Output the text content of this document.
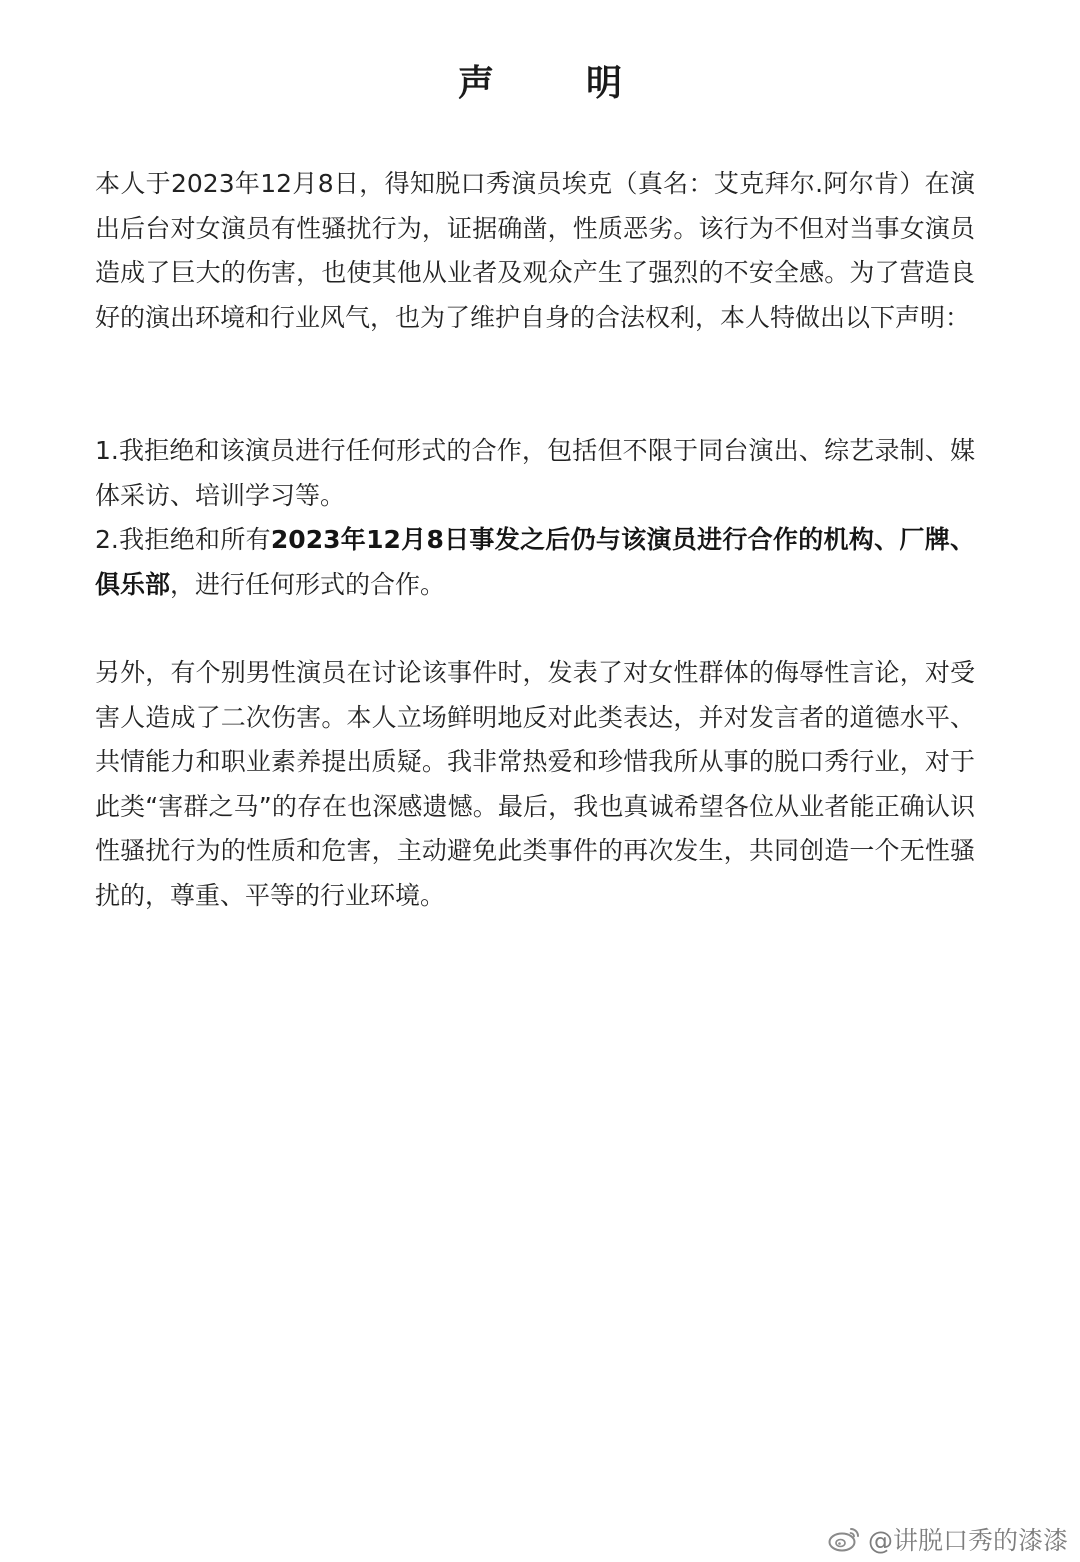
声　明

本人于2023年12月8日，得知脱口秀演员埃克（真名：艾克拜尔.阿尔肯）在演出后台对女演员有性骚扰行为，证据确凿，性质恶劣。该行为不但对当事女演员造成了巨大的伤害，也使其他从业者及观众产生了强烈的不安全感。为了营造良好的演出环境和行业风气，也为了维护自身的合法权利，本人特做出以下声明：

1.我拒绝和该演员进行任何形式的合作，包括但不限于同台演出、综艺录制、媒体采访、培训学习等。
2.我拒绝和所有2023年12月8日事发之后仍与该演员进行合作的机构、厂牌、俱乐部，进行任何形式的合作。

另外，有个别男性演员在讨论该事件时，发表了对女性群体的侮辱性言论，对受害人造成了二次伤害。本人立场鲜明地反对此类表达，并对发言者的道德水平、共情能力和职业素养提出质疑。我非常热爱和珍惜我所从事的脱口秀行业，对于此类“害群之马”的存在也深感遗憾。最后，我也真诚希望各位从业者能正确认识性骚扰行为的性质和危害，主动避免此类事件的再次发生，共同创造一个无性骚扰的，尊重、平等的行业环境。

@讲脱口秀的漆漆
